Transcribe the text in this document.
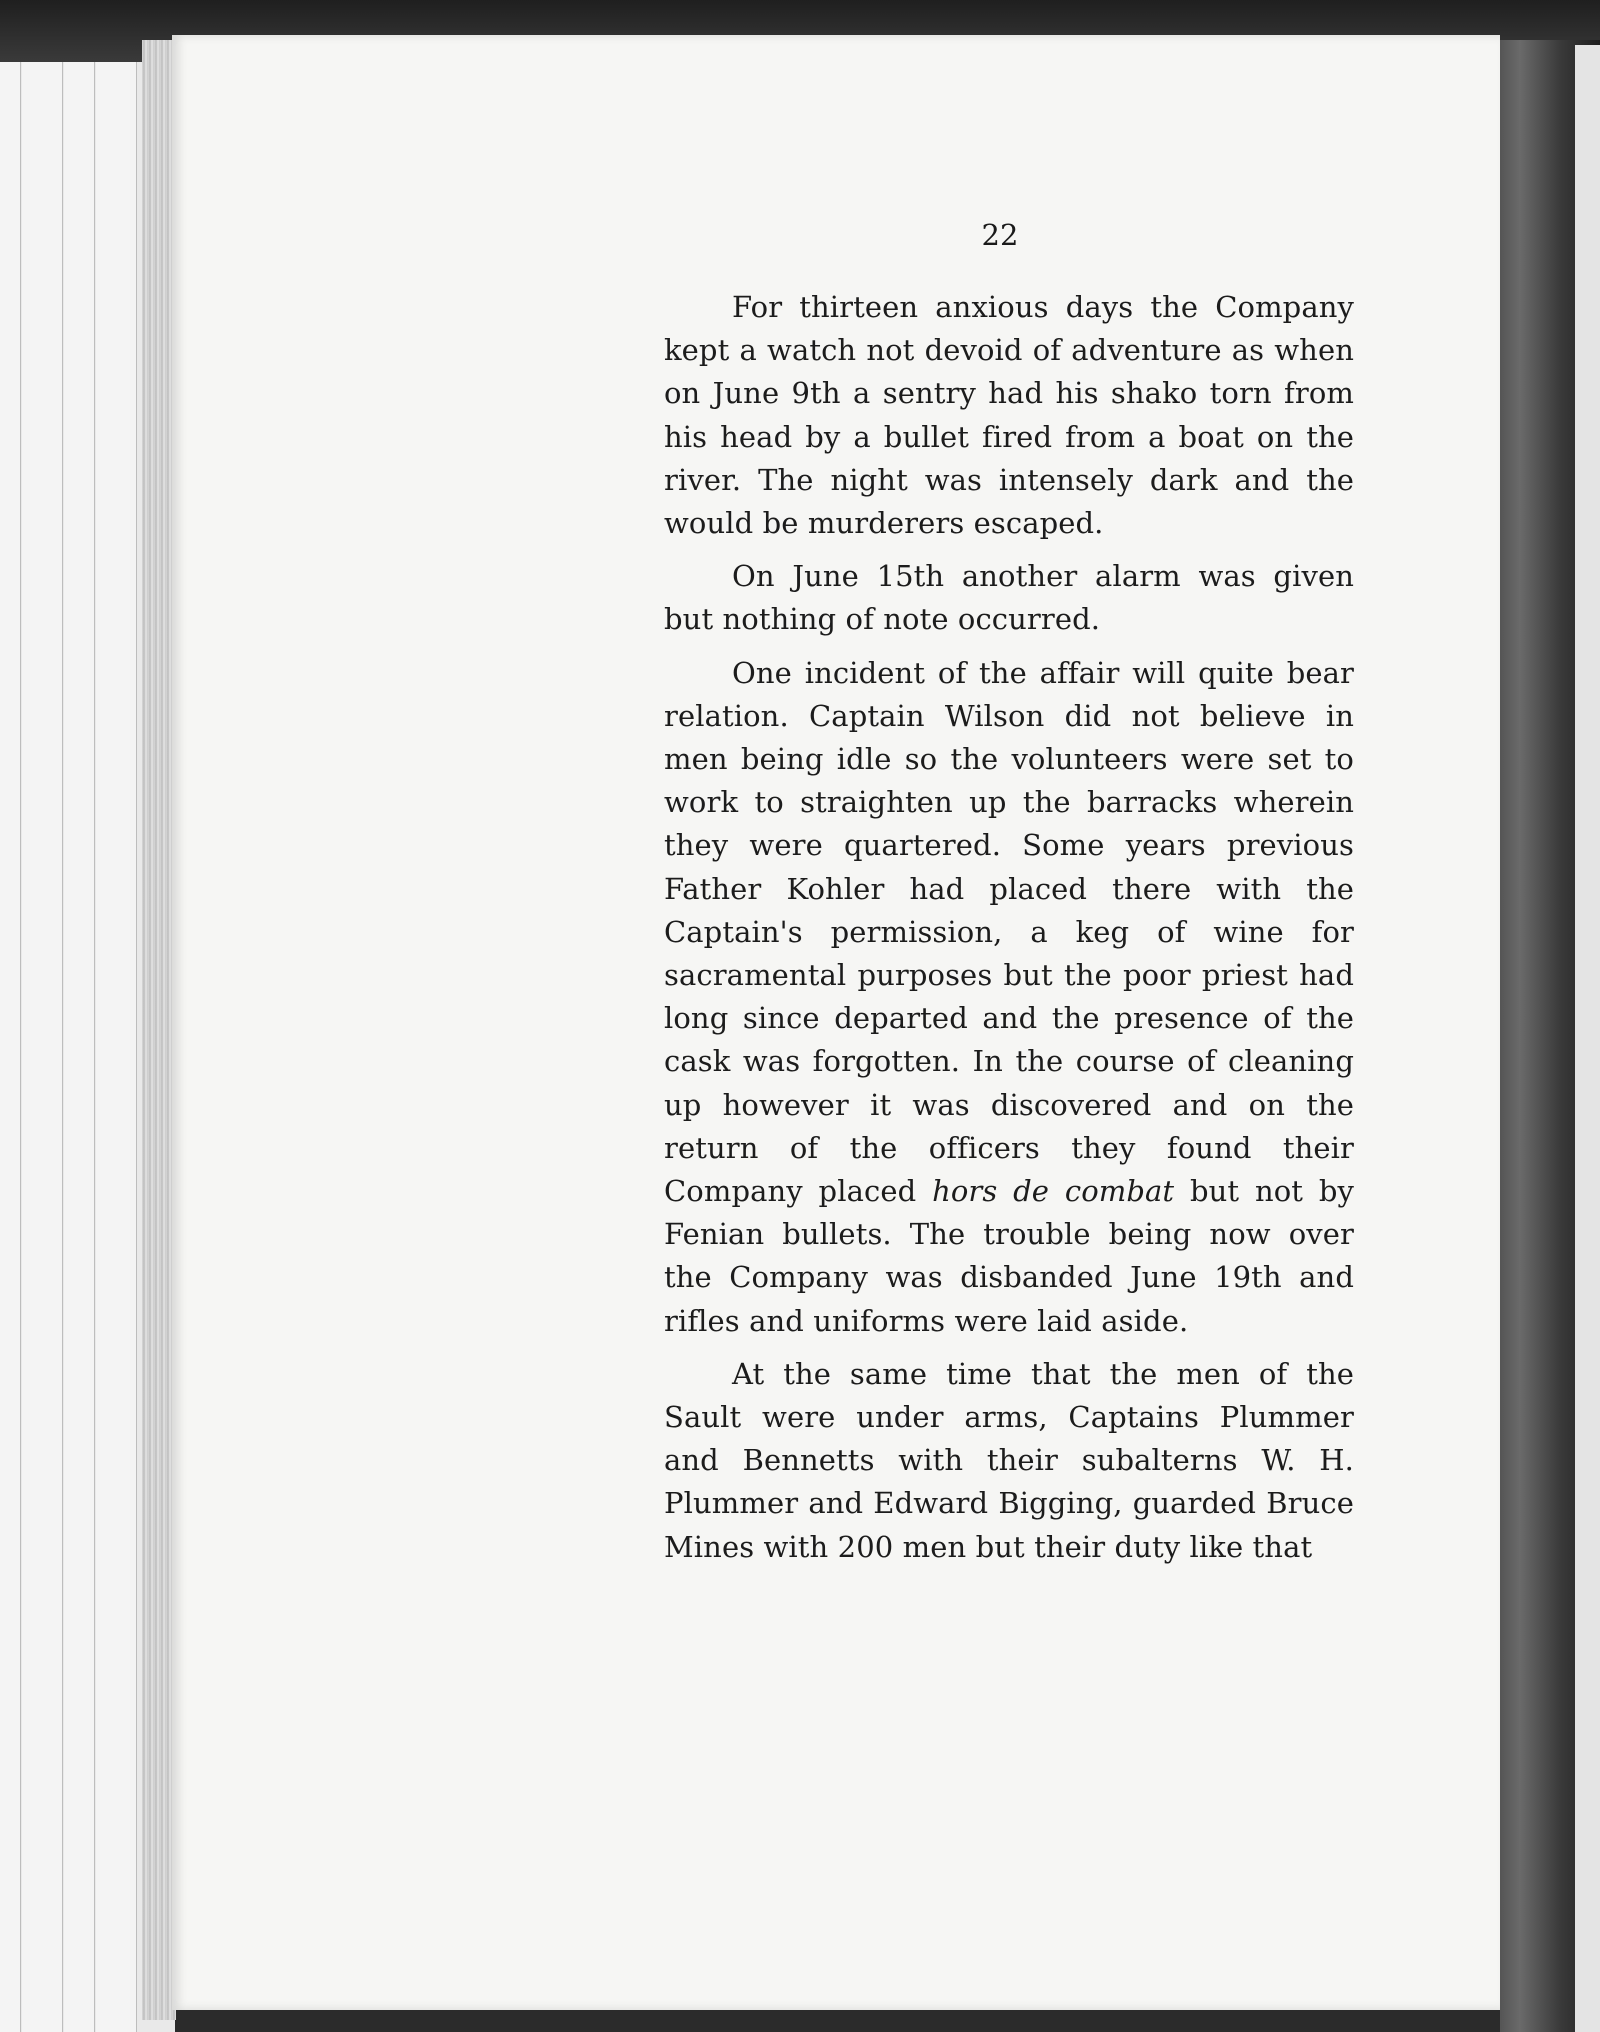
22

For thirteen anxious days the Company kept a watch not devoid of adventure as when on June 9th a sentry had his shako torn from his head by a bullet fired from a boat on the river. The night was intensely dark and the would be murderers escaped.

On June 15th another alarm was given but nothing of note occurred.

One incident of the affair will quite bear relation. Captain Wilson did not believe in men being idle so the volunteers were set to work to straighten up the barracks wherein they were quartered. Some years previous Father Kohler had placed there with the Captain's permission, a keg of wine for sacramental purposes but the poor priest had long since departed and the presence of the cask was forgotten. In the course of cleaning up however it was discovered and on the return of the officers they found their Company placed hors de combat but not by Fenian bullets. The trouble being now over the Company was disbanded June 19th and rifles and uniforms were laid aside.

At the same time that the men of the Sault were under arms, Captains Plummer and Bennetts with their subalterns W. H. Plummer and Edward Bigging, guarded Bruce Mines with 200 men but their duty like that
